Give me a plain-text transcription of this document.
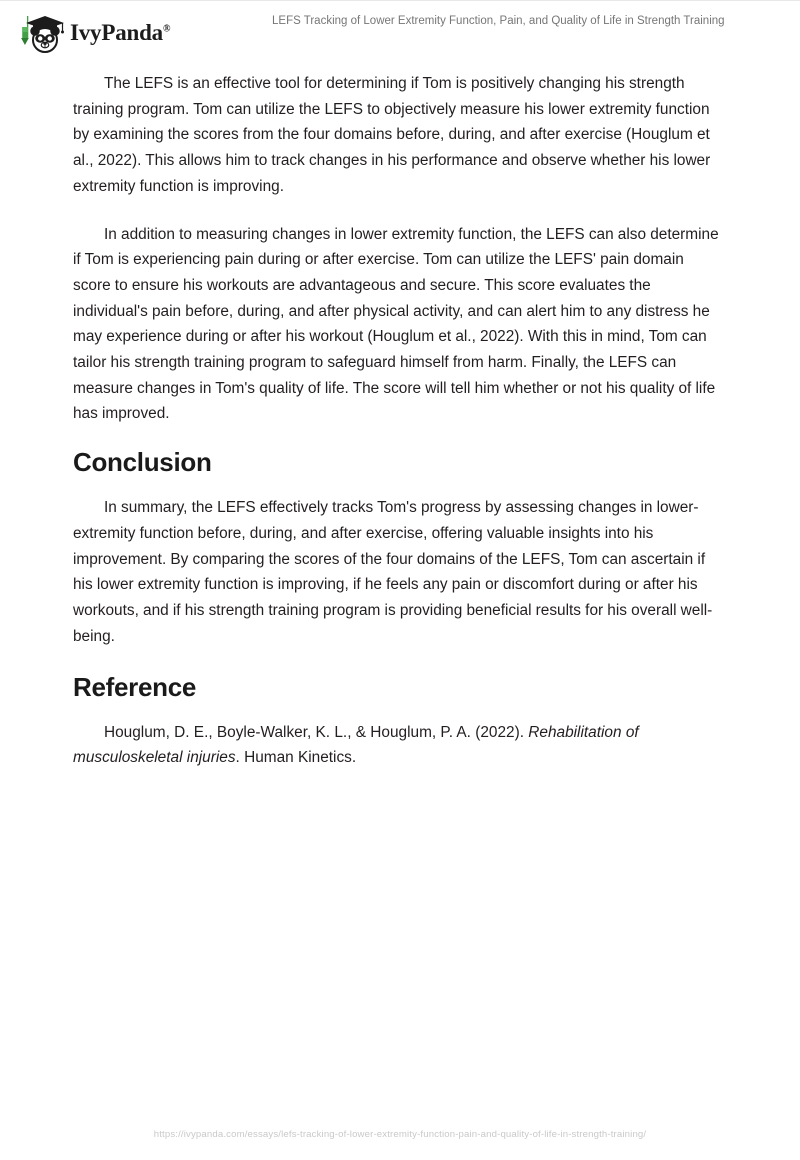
IvyPanda®
LEFS Tracking of Lower Extremity Function, Pain, and Quality of Life in Strength Training

The LEFS is an effective tool for determining if Tom is positively changing his strength training program. Tom can utilize the LEFS to objectively measure his lower extremity function by examining the scores from the four domains before, during, and after exercise (Houglum et al., 2022). This allows him to track changes in his performance and observe whether his lower extremity function is improving.

In addition to measuring changes in lower extremity function, the LEFS can also determine if Tom is experiencing pain during or after exercise. Tom can utilize the LEFS' pain domain score to ensure his workouts are advantageous and secure. This score evaluates the individual's pain before, during, and after physical activity, and can alert him to any distress he may experience during or after his workout (Houglum et al., 2022). With this in mind, Tom can tailor his strength training program to safeguard himself from harm. Finally, the LEFS can measure changes in Tom's quality of life. The score will tell him whether or not his quality of life has improved.

Conclusion

In summary, the LEFS effectively tracks Tom's progress by assessing changes in lower-extremity function before, during, and after exercise, offering valuable insights into his improvement. By comparing the scores of the four domains of the LEFS, Tom can ascertain if his lower extremity function is improving, if he feels any pain or discomfort during or after his workouts, and if his strength training program is providing beneficial results for his overall well-being.

Reference

Houglum, D. E., Boyle-Walker, K. L., & Houglum, P. A. (2022). Rehabilitation of musculoskeletal injuries. Human Kinetics.

https://ivypanda.com/essays/lefs-tracking-of-lower-extremity-function-pain-and-quality-of-life-in-strength-training/
